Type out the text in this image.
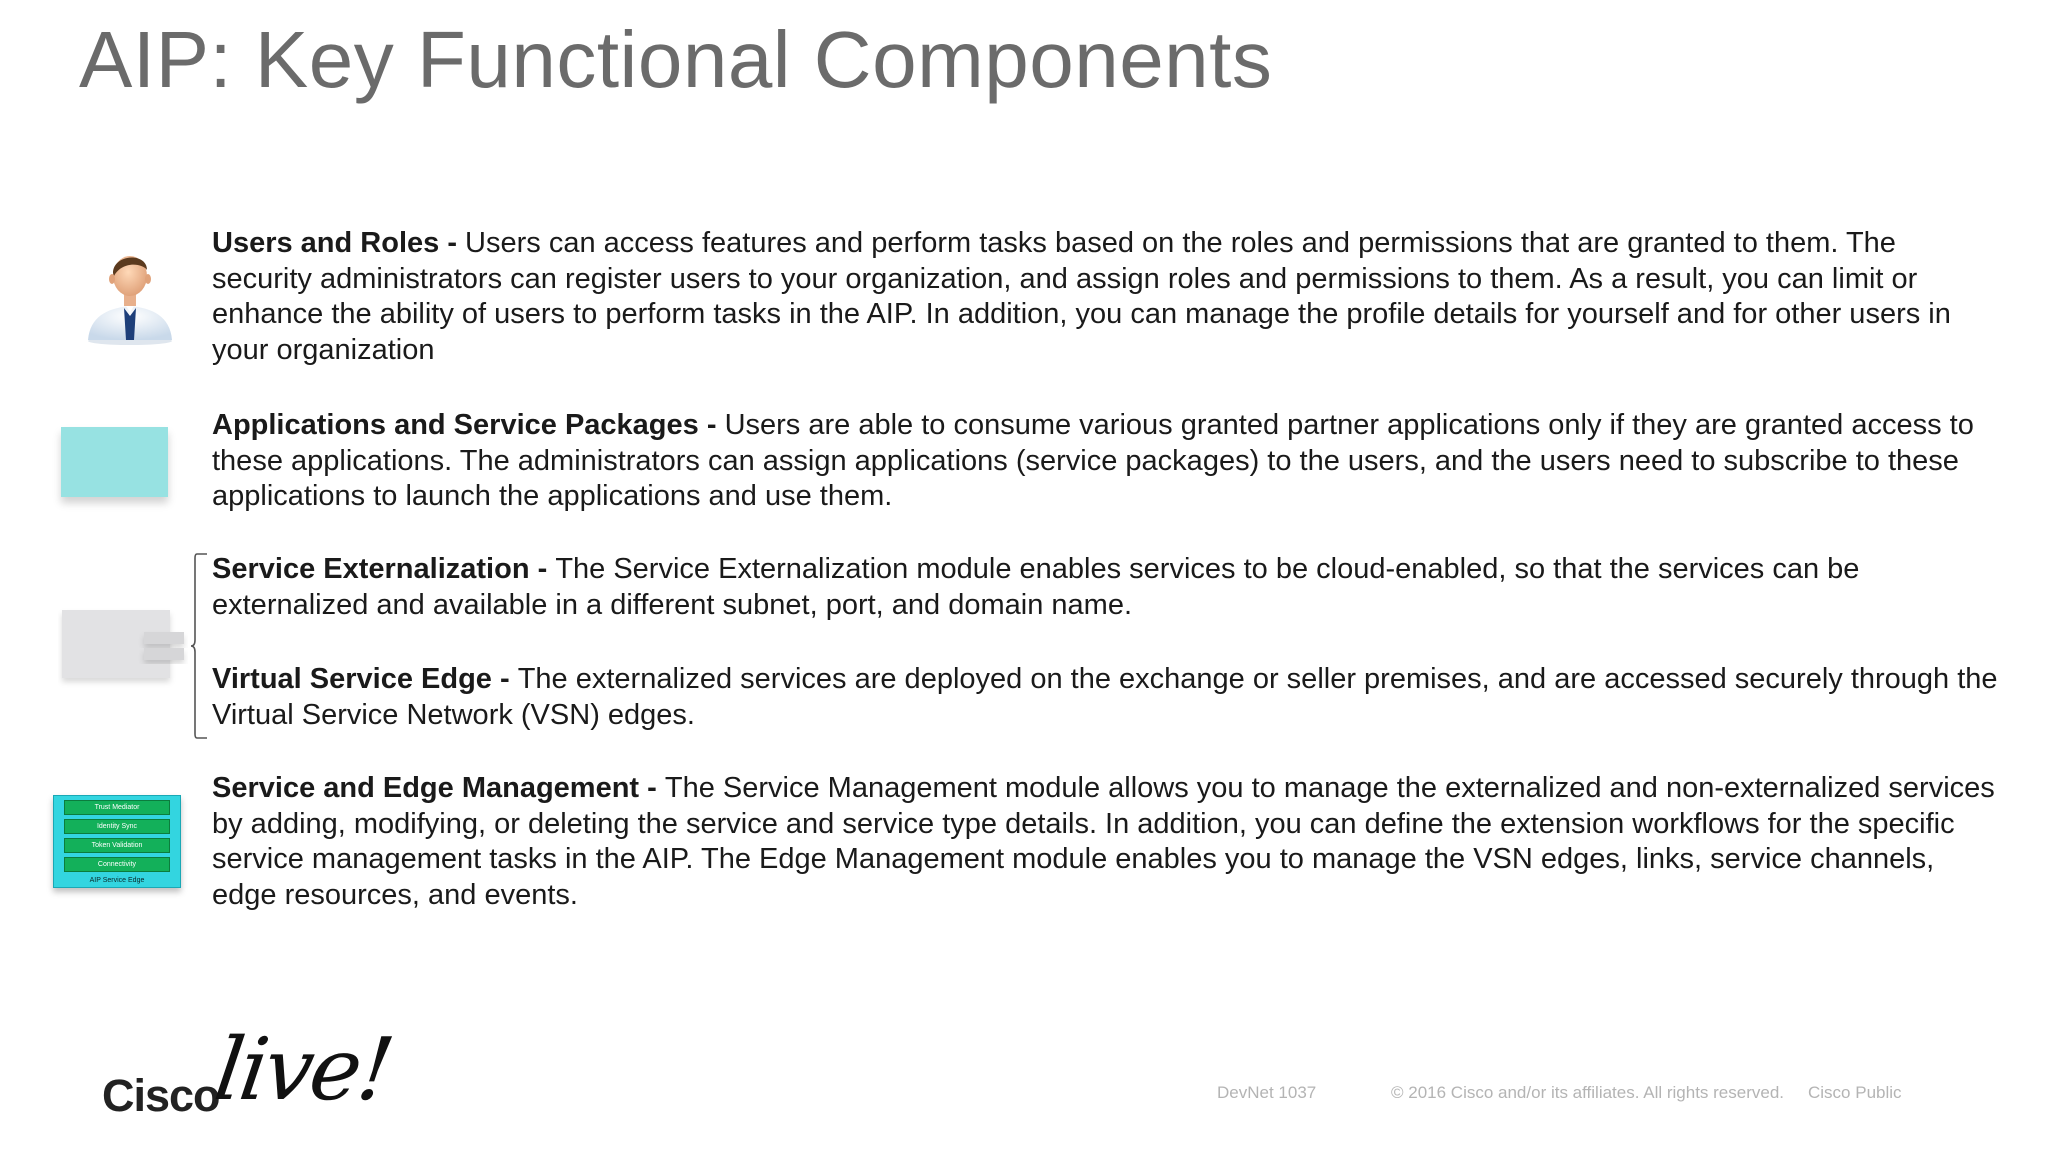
AIP: Key Functional Components

Users and Roles - Users can access features and perform tasks based on the roles and permissions that are granted to them. The security administrators can register users to your organization, and assign roles and permissions to them. As a result, you can limit or enhance the ability of users to perform tasks in the AIP. In addition, you can manage the profile details for yourself and for other users in your organization

Applications and Service Packages - Users are able to consume various granted partner applications only if they are granted access to these applications. The administrators can assign applications (service packages) to the users, and the users need to subscribe to these applications to launch the applications and use them.

Service Externalization - The Service Externalization module enables services to be cloud-enabled, so that the services can be externalized and available in a different subnet, port, and domain name.

Virtual Service Edge - The externalized services are deployed on the exchange or seller premises, and are accessed securely through the Virtual Service Network (VSN) edges.

Trust Mediator
Identity Sync
Token Validation
Connectivity
AIP Service Edge

Service and Edge Management - The Service Management module allows you to manage the externalized and non-externalized services by adding, modifying, or deleting the service and service type details. In addition, you can define the extension workflows for the specific service management tasks in the AIP. The Edge Management module enables you to manage the VSN edges, links, service channels, edge resources, and events.

Cisco
live!	DevNet 1037	© 2016 Cisco and/or its affiliates. All rights reserved. Cisco Public
